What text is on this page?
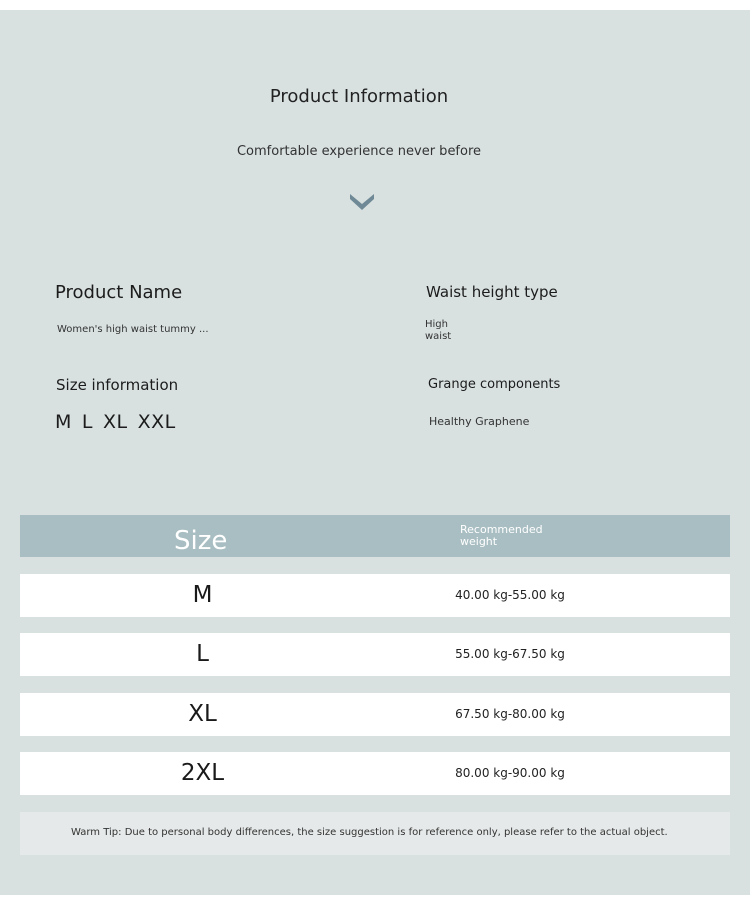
Product Information
Comfortable experience never before
Product Name
Women's high waist tummy ...
Waist height type
High
waist
Size information
M L XL XXL
Grange components
Healthy Graphene
Size	Recommended weight
M	40.00 kg-55.00 kg
L	55.00 kg-67.50 kg
XL	67.50 kg-80.00 kg
2XL	80.00 kg-90.00 kg
Warm Tip: Due to personal body differences, the size suggestion is for reference only, please refer to the actual object.
